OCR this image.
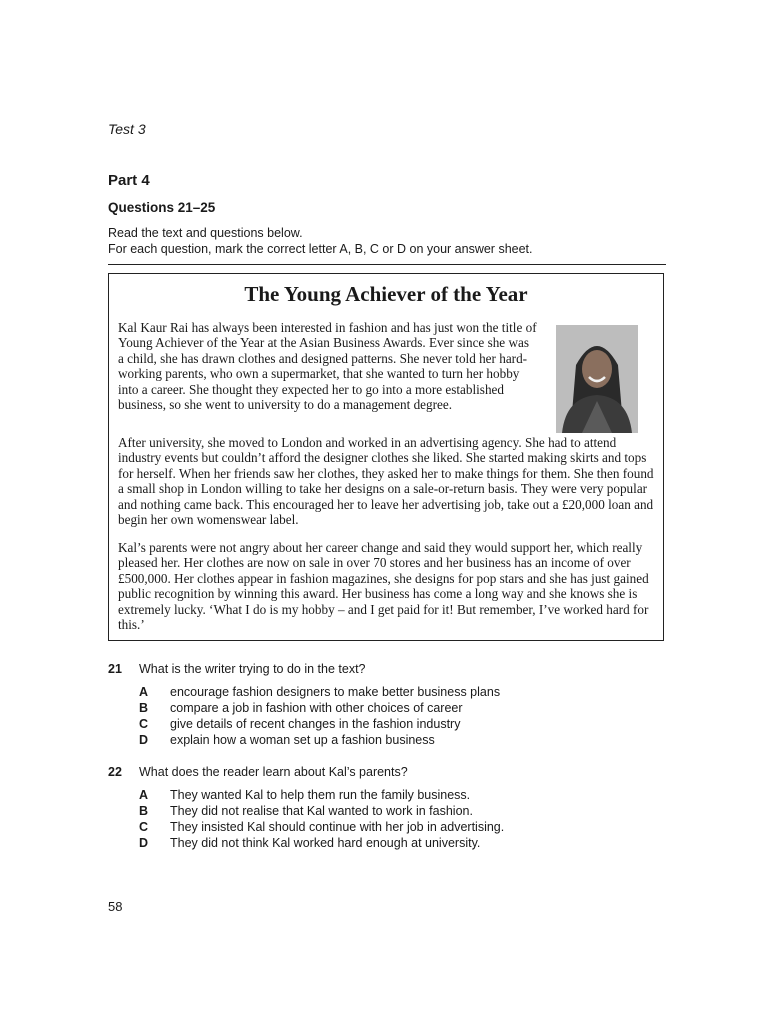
Test 3
Part 4
Questions 21–25
Read the text and questions below.
For each question, mark the correct letter A, B, C or D on your answer sheet.
The Young Achiever of the Year

Kal Kaur Rai has always been interested in fashion and has just won the title of Young Achiever of the Year at the Asian Business Awards. Ever since she was a child, she has drawn clothes and designed patterns. She never told her hard-working parents, who own a supermarket, that she wanted to turn her hobby into a career. She thought they expected her to go into a more established business, so she went to university to do a management degree.

After university, she moved to London and worked in an advertising agency. She had to attend industry events but couldn’t afford the designer clothes she liked. She started making skirts and tops for herself. When her friends saw her clothes, they asked her to make things for them. She then found a small shop in London willing to take her designs on a sale-or-return basis. They were very popular and nothing came back. This encouraged her to leave her advertising job, take out a £20,000 loan and begin her own womenswear label.

Kal’s parents were not angry about her career change and said they would support her, which really pleased her. Her clothes are now on sale in over 70 stores and her business has an income of over £500,000. Her clothes appear in fashion magazines, she designs for pop stars and she has just gained public recognition by winning this award. Her business has come a long way and she knows she is extremely lucky. ‘What I do is my hobby – and I get paid for it! But remember, I’ve worked hard for this.’

21 What is the writer trying to do in the text?
A encourage fashion designers to make better business plans
B compare a job in fashion with other choices of career
C give details of recent changes in the fashion industry
D explain how a woman set up a fashion business
22 What does the reader learn about Kal’s parents?
A They wanted Kal to help them run the family business.
B They did not realise that Kal wanted to work in fashion.
C They insisted Kal should continue with her job in advertising.
D They did not think Kal worked hard enough at university.
58
